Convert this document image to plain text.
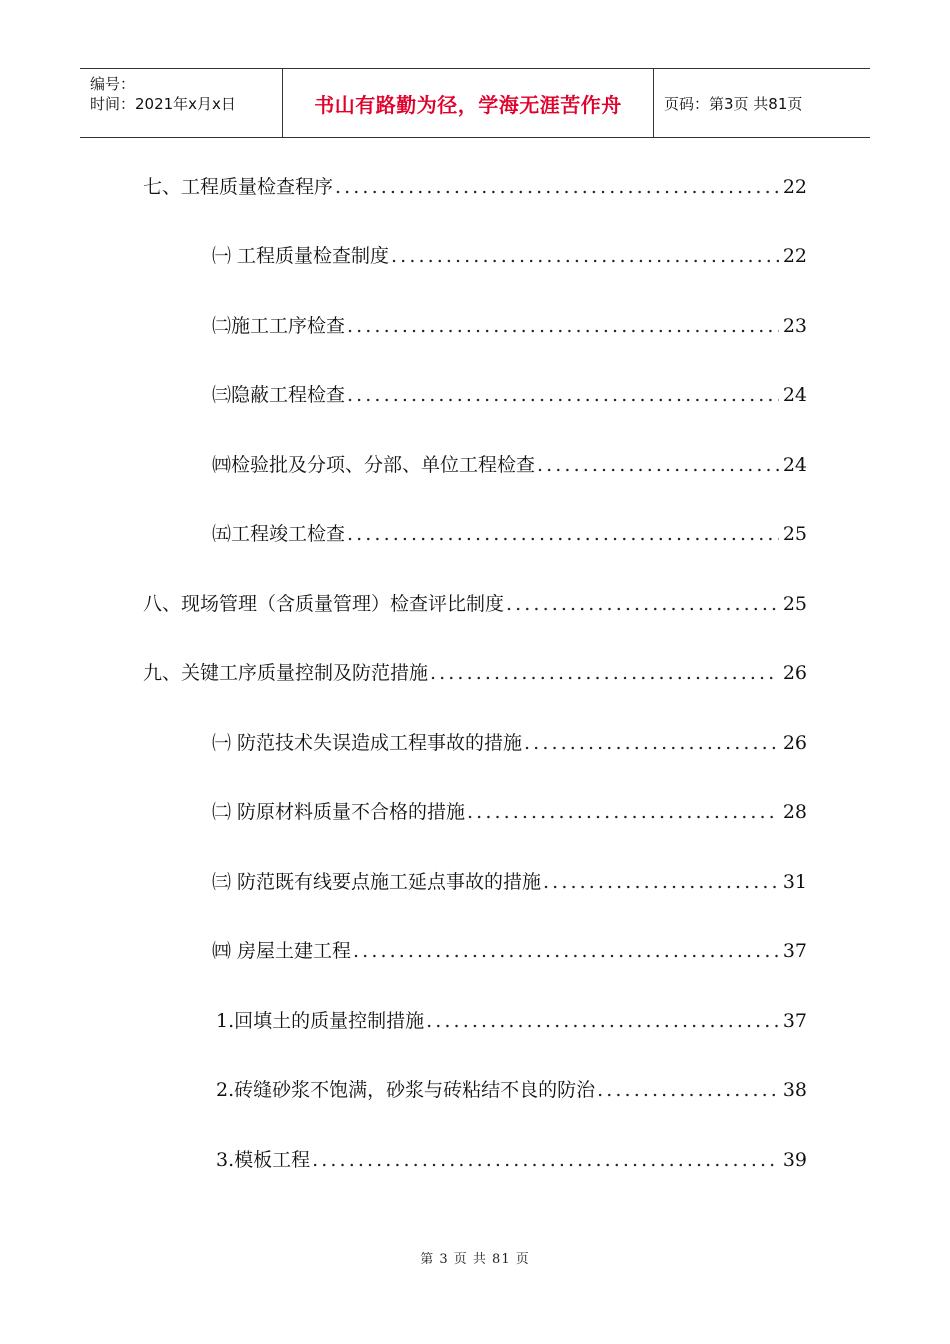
编号：
时间：2021年x月x日	书山有路勤为径，学海无涯苦作舟	页码：第3页 共81页
七、工程质量检查程序 .....	22
㈠ 工程质量检查制度 .....	22
㈡施工工序检查 .....	23
㈢隐蔽工程检查 .....	24
㈣检验批及分项、分部、单位工程检查 .....	24
㈤工程竣工检查 .....	25
八、现场管理（含质量管理）检查评比制度 .....	25
九、关键工序质量控制及防范措施 .....	26
㈠ 防范技术失误造成工程事故的措施 .....	26
㈡ 防原材料质量不合格的措施 .....	28
㈢ 防范既有线要点施工延点事故的措施 .....	31
㈣ 房屋土建工程 .....	37
1.回填土的质量控制措施 .....	37
2.砖缝砂浆不饱满，砂浆与砖粘结不良的防治 .....	38
3.模板工程 .....	39
第 3 页 共 81 页
